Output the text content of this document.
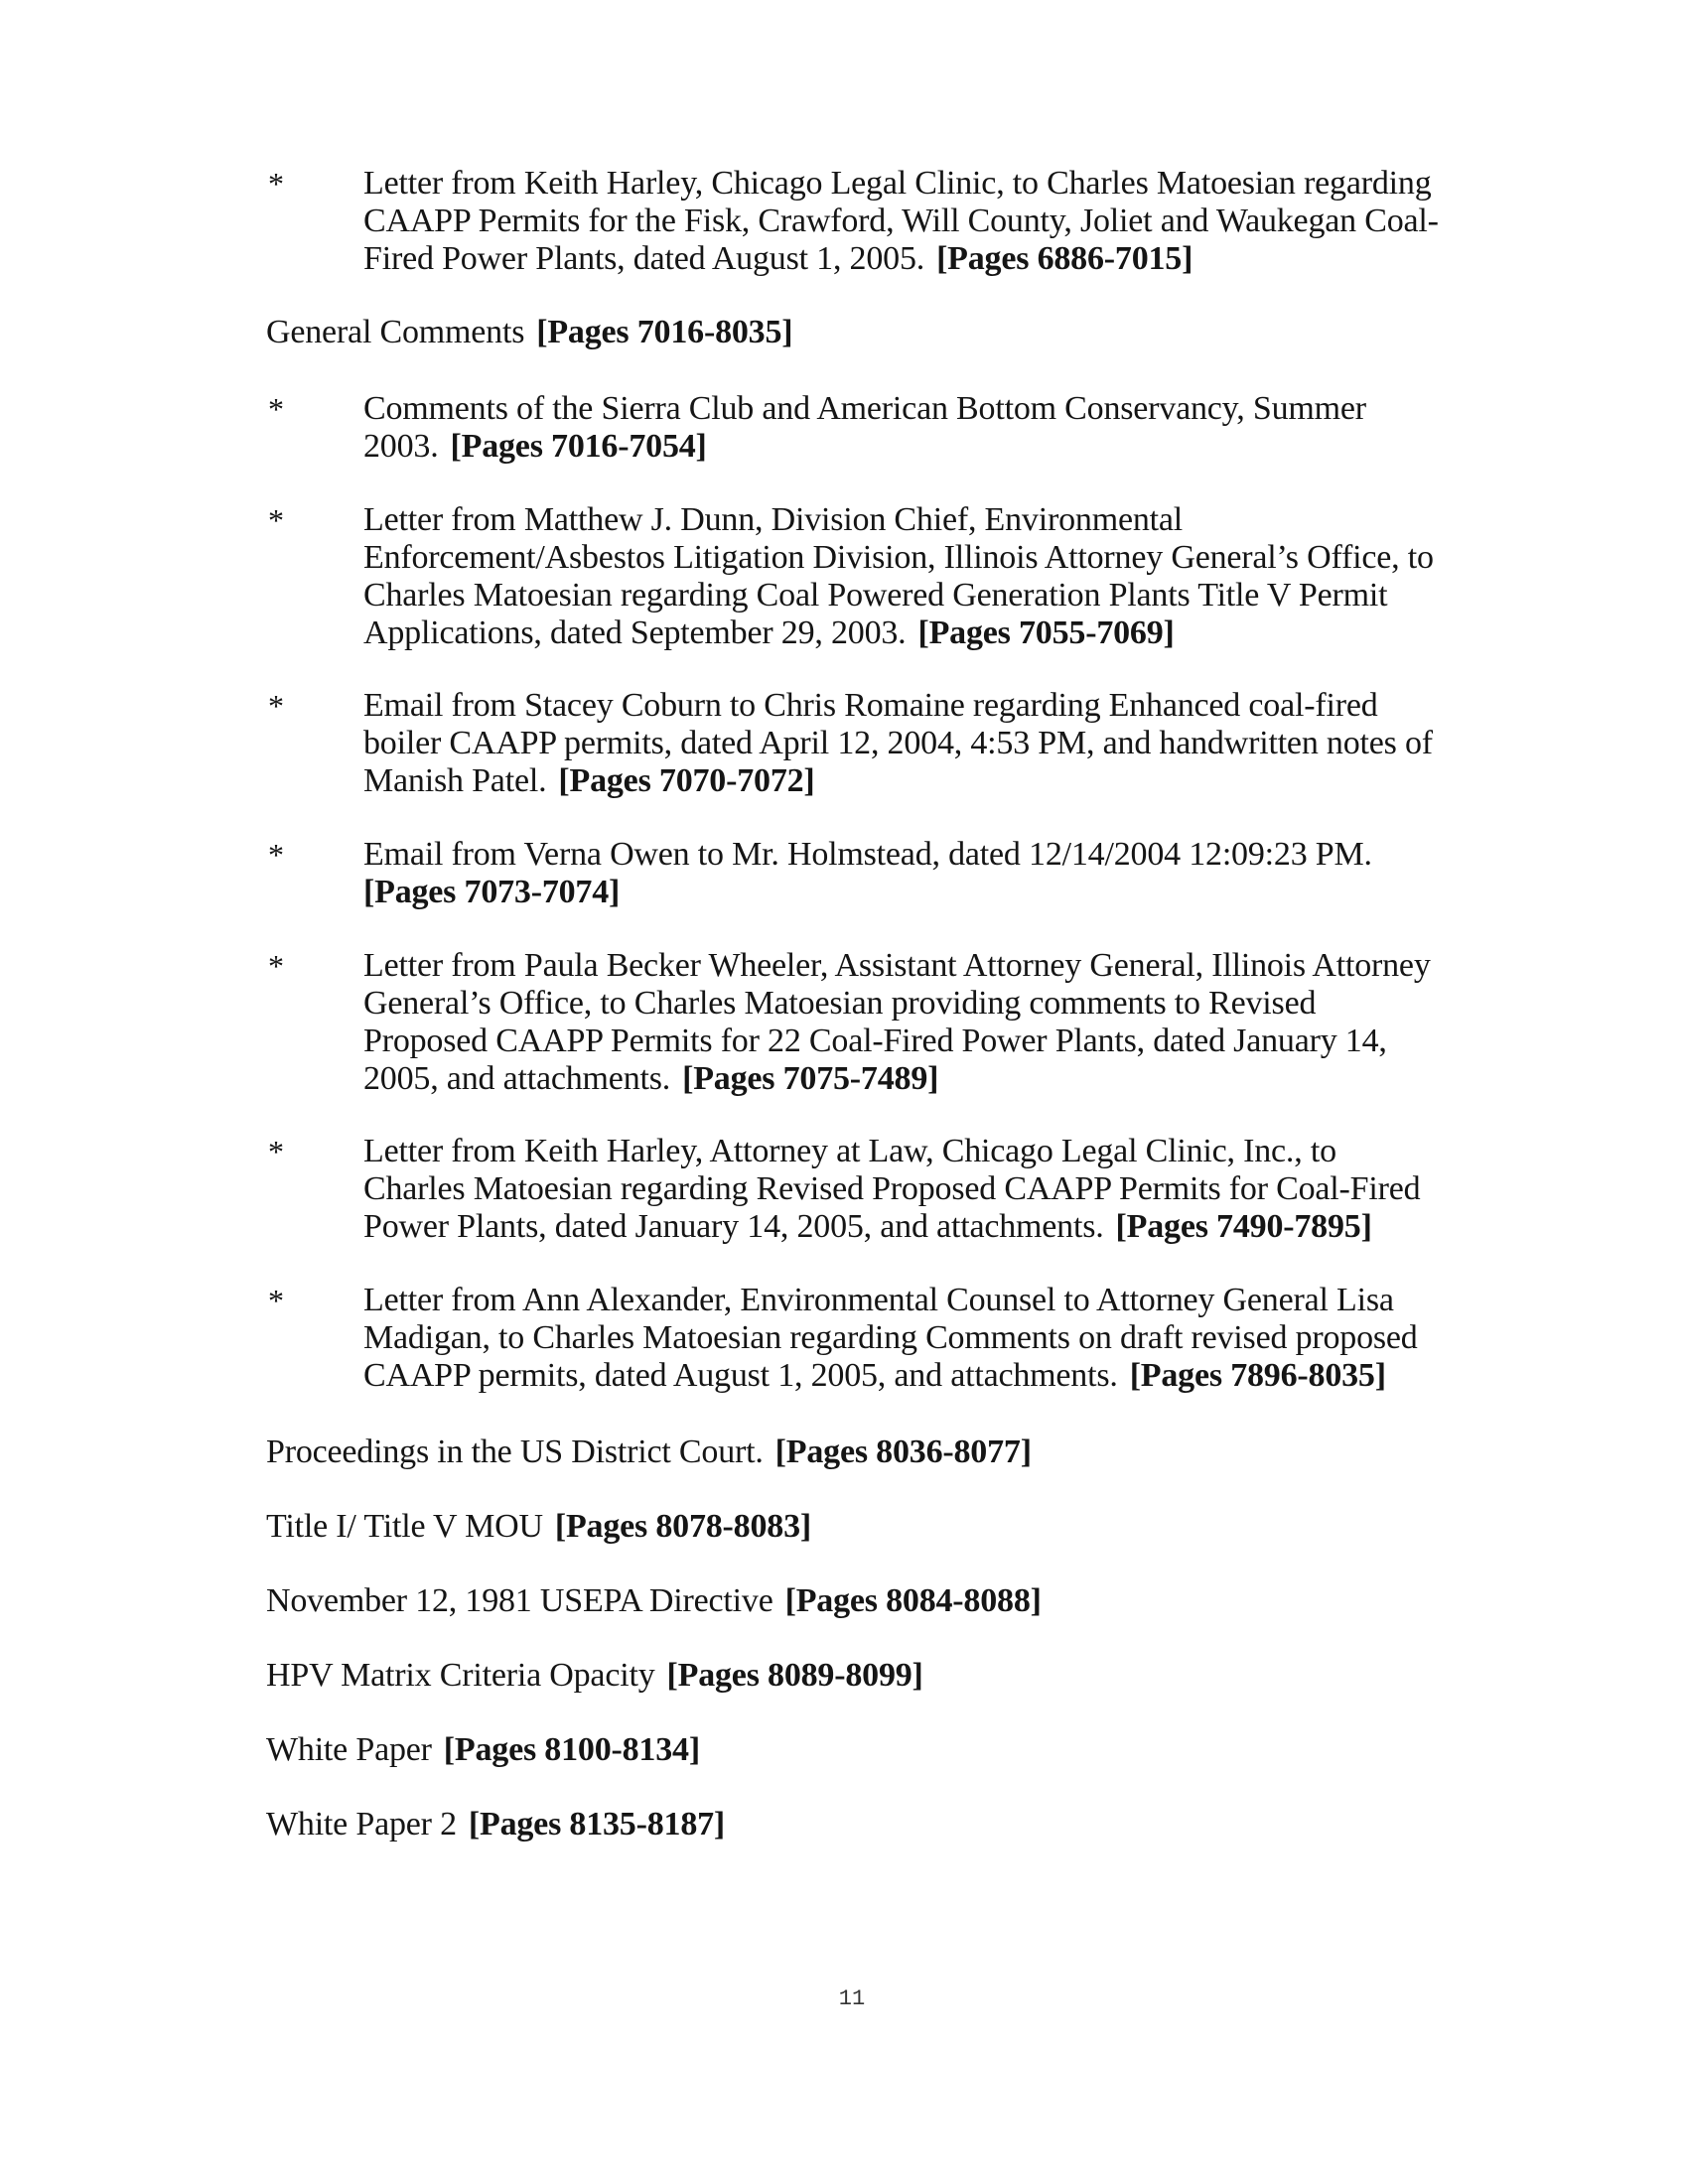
* Letter from Keith Harley, Chicago Legal Clinic, to Charles Matoesian regarding CAAPP Permits for the Fisk, Crawford, Will County, Joliet and Waukegan Coal-Fired Power Plants, dated August 1, 2005. [Pages 6886-7015]
General Comments [Pages 7016-8035]
* Comments of the Sierra Club and American Bottom Conservancy, Summer 2003. [Pages 7016-7054]
* Letter from Matthew J. Dunn, Division Chief, Environmental Enforcement/Asbestos Litigation Division, Illinois Attorney General’s Office, to Charles Matoesian regarding Coal Powered Generation Plants Title V Permit Applications, dated September 29, 2003. [Pages 7055-7069]
* Email from Stacey Coburn to Chris Romaine regarding Enhanced coal-fired boiler CAAPP permits, dated April 12, 2004, 4:53 PM, and handwritten notes of Manish Patel. [Pages 7070-7072]
* Email from Verna Owen to Mr. Holmstead, dated 12/14/2004 12:09:23 PM.[Pages 7073-7074]
* Letter from Paula Becker Wheeler, Assistant Attorney General, Illinois Attorney General’s Office, to Charles Matoesian providing comments to Revised Proposed CAAPP Permits for 22 Coal-Fired Power Plants, dated January 14, 2005, and attachments. [Pages 7075-7489]
* Letter from Keith Harley, Attorney at Law, Chicago Legal Clinic, Inc., to Charles Matoesian regarding Revised Proposed CAAPP Permits for Coal-Fired Power Plants, dated January 14, 2005, and attachments. [Pages 7490-7895]
* Letter from Ann Alexander, Environmental Counsel to Attorney General Lisa Madigan, to Charles Matoesian regarding Comments on draft revised proposed CAAPP permits, dated August 1, 2005, and attachments. [Pages 7896-8035]
Proceedings in the US District Court. [Pages 8036-8077]
Title I/ Title V MOU [Pages 8078-8083]
November 12, 1981 USEPA Directive [Pages 8084-8088]
HPV Matrix Criteria Opacity [Pages 8089-8099]
White Paper [Pages 8100-8134]
White Paper 2 [Pages 8135-8187]
11
